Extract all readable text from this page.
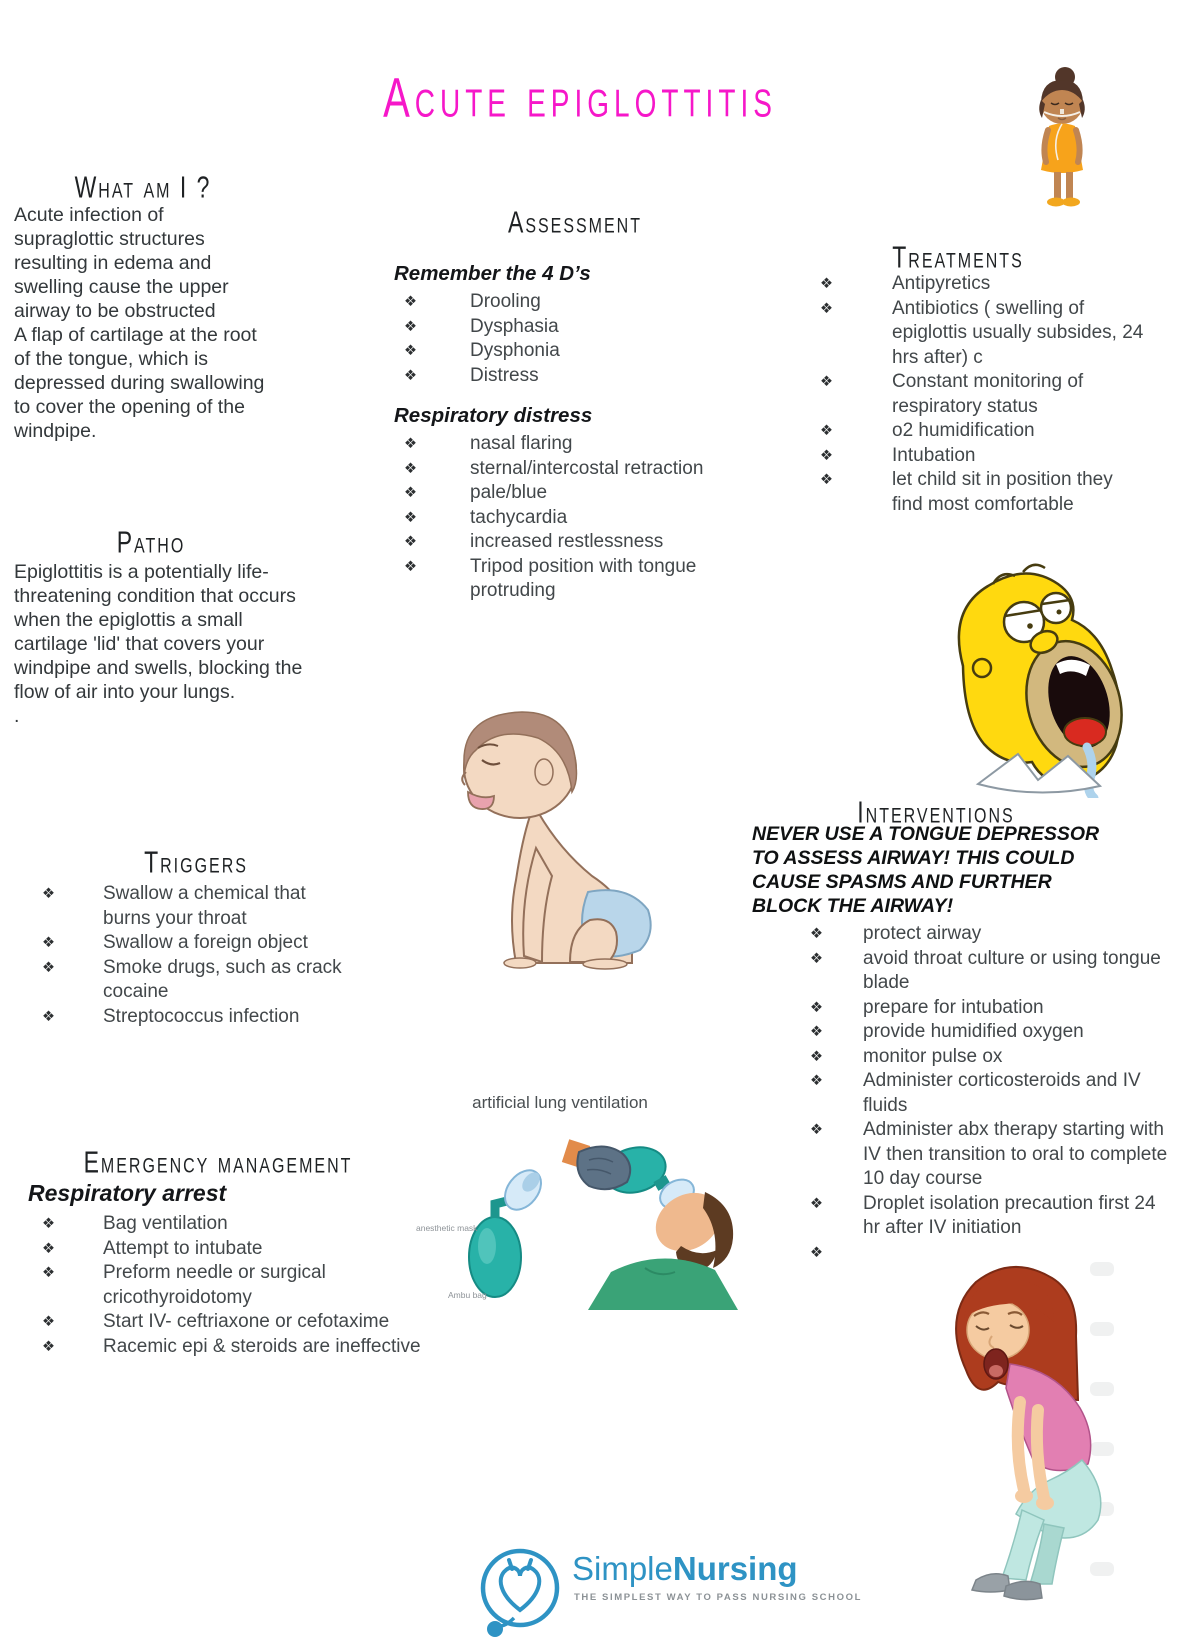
Acute epiglottitis
What am I ?
Acute infection of supraglottic structures resulting in edema and swelling cause the upper airway to be obstructed
A flap of cartilage at the root of the tongue, which is depressed during swallowing to cover the opening of the windpipe.
Patho
Epiglottitis is a potentially life-threatening condition that occurs when the epiglottis a small cartilage 'lid' that covers your windpipe and swells, blocking the flow of air into your lungs.
.
Triggers
❖	Swallow a chemical that burns your throat
❖	Swallow a foreign object
❖	Smoke drugs, such as crack cocaine
❖	Streptococcus infection
Emergency management
Respiratory arrest
❖	Bag ventilation
❖	Attempt to intubate
❖	Preform needle or surgical cricothyroidotomy
❖	Start IV- ceftriaxone or cefotaxime
❖	Racemic epi & steroids are ineffective
Assessment
Remember the 4 D’s
❖	Drooling
❖	Dysphasia
❖	Dysphonia
❖	Distress
Respiratory distress
❖	nasal flaring
❖	sternal/intercostal retraction
❖	pale/blue
❖	tachycardia
❖	increased restlessness
❖	Tripod position with tongue protruding
artificial lung ventilation
anesthetic mask
Ambu bag
Treatments
❖	Antipyretics
❖	Antibiotics ( swelling of epiglottis usually subsides, 24 hrs after) c
❖	Constant monitoring of respiratory status
❖	o2 humidification
❖	Intubation
❖	let child sit in position they find most comfortable
Interventions
NEVER USE A TONGUE DEPRESSOR TO ASSESS AIRWAY! THIS COULD CAUSE SPASMS AND FURTHER BLOCK THE AIRWAY!
❖	protect airway
❖	avoid throat culture or using tongue blade
❖	prepare for intubation
❖	provide humidified oxygen
❖	monitor pulse ox
❖	Administer corticosteroids and IV fluids
❖	Administer abx therapy starting with IV then transition to oral to complete 10 day course
❖	Droplet isolation precaution first 24 hr after IV initiation
❖
SimpleNursing
THE SIMPLEST WAY TO PASS NURSING SCHOOL
